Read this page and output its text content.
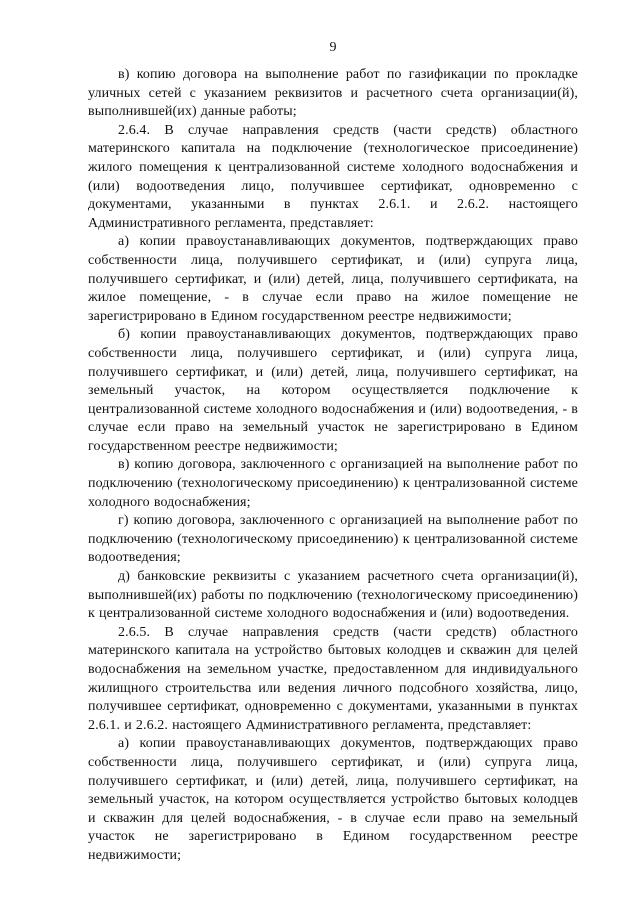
9

в) копию договора на выполнение работ по газификации по прокладке уличных сетей с указанием реквизитов и расчетного счета организации(й), выполнившей(их) данные работы;

2.6.4. В случае направления средств (части средств) областного материнского капитала на подключение (технологическое присоединение) жилого помещения к централизованной системе холодного водоснабжения и (или) водоотведения лицо, получившее сертификат, одновременно с документами, указанными в пунктах 2.6.1. и 2.6.2. настоящего Административного регламента, представляет:

а) копии правоустанавливающих документов, подтверждающих право собственности лица, получившего сертификат, и (или) супруга лица, получившего сертификат, и (или) детей, лица, получившего сертификата, на жилое помещение, - в случае если право на жилое помещение не зарегистрировано в Едином государственном реестре недвижимости;

б) копии правоустанавливающих документов, подтверждающих право собственности лица, получившего сертификат, и (или) супруга лица, получившего сертификат, и (или) детей, лица, получившего сертификат, на земельный участок, на котором осуществляется подключение к централизованной системе холодного водоснабжения и (или) водоотведения, - в случае если право на земельный участок не зарегистрировано в Едином государственном реестре недвижимости;

в) копию договора, заключенного с организацией на выполнение работ по подключению (технологическому присоединению) к централизованной системе холодного водоснабжения;

г) копию договора, заключенного с организацией на выполнение работ по подключению (технологическому присоединению) к централизованной системе водоотведения;

д) банковские реквизиты с указанием расчетного счета организации(й), выполнившей(их) работы по подключению (технологическому присоединению) к централизованной системе холодного водоснабжения и (или) водоотведения.

2.6.5. В случае направления средств (части средств) областного материнского капитала на устройство бытовых колодцев и скважин для целей водоснабжения на земельном участке, предоставленном для индивидуального жилищного строительства или ведения личного подсобного хозяйства, лицо, получившее сертификат, одновременно с документами, указанными в пунктах 2.6.1. и 2.6.2. настоящего Административного регламента, представляет:

а) копии правоустанавливающих документов, подтверждающих право собственности лица, получившего сертификат, и (или) супруга лица, получившего сертификат, и (или) детей, лица, получившего сертификат, на земельный участок, на котором осуществляется устройство бытовых колодцев и скважин для целей водоснабжения, - в случае если право на земельный участок не зарегистрировано в Едином государственном реестре недвижимости;
